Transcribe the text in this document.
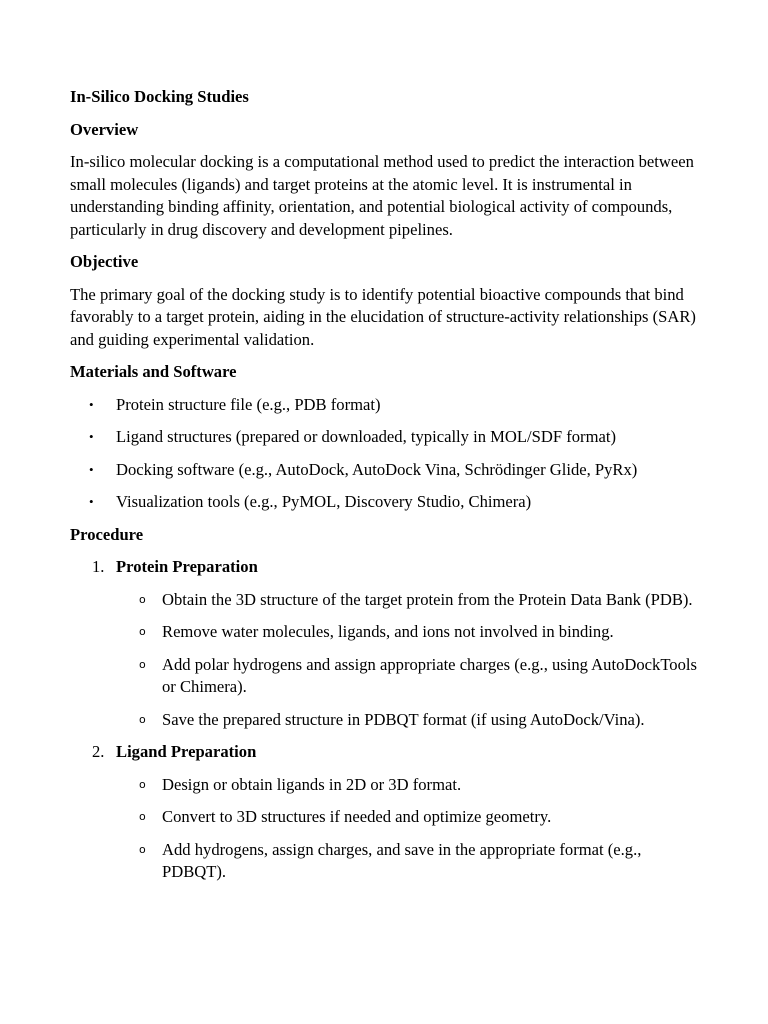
In-Silico Docking Studies
Overview
In-silico molecular docking is a computational method used to predict the interaction between small molecules (ligands) and target proteins at the atomic level. It is instrumental in understanding binding affinity, orientation, and potential biological activity of compounds, particularly in drug discovery and development pipelines.
Objective
The primary goal of the docking study is to identify potential bioactive compounds that bind favorably to a target protein, aiding in the elucidation of structure-activity relationships (SAR) and guiding experimental validation.
Materials and Software
• Protein structure file (e.g., PDB format)
• Ligand structures (prepared or downloaded, typically in MOL/SDF format)
• Docking software (e.g., AutoDock, AutoDock Vina, Schrödinger Glide, PyRx)
• Visualization tools (e.g., PyMOL, Discovery Studio, Chimera)
Procedure
1. Protein Preparation
o Obtain the 3D structure of the target protein from the Protein Data Bank (PDB).
o Remove water molecules, ligands, and ions not involved in binding.
o Add polar hydrogens and assign appropriate charges (e.g., using AutoDockTools or Chimera).
o Save the prepared structure in PDBQT format (if using AutoDock/Vina).
2. Ligand Preparation
o Design or obtain ligands in 2D or 3D format.
o Convert to 3D structures if needed and optimize geometry.
o Add hydrogens, assign charges, and save in the appropriate format (e.g., PDBQT).
